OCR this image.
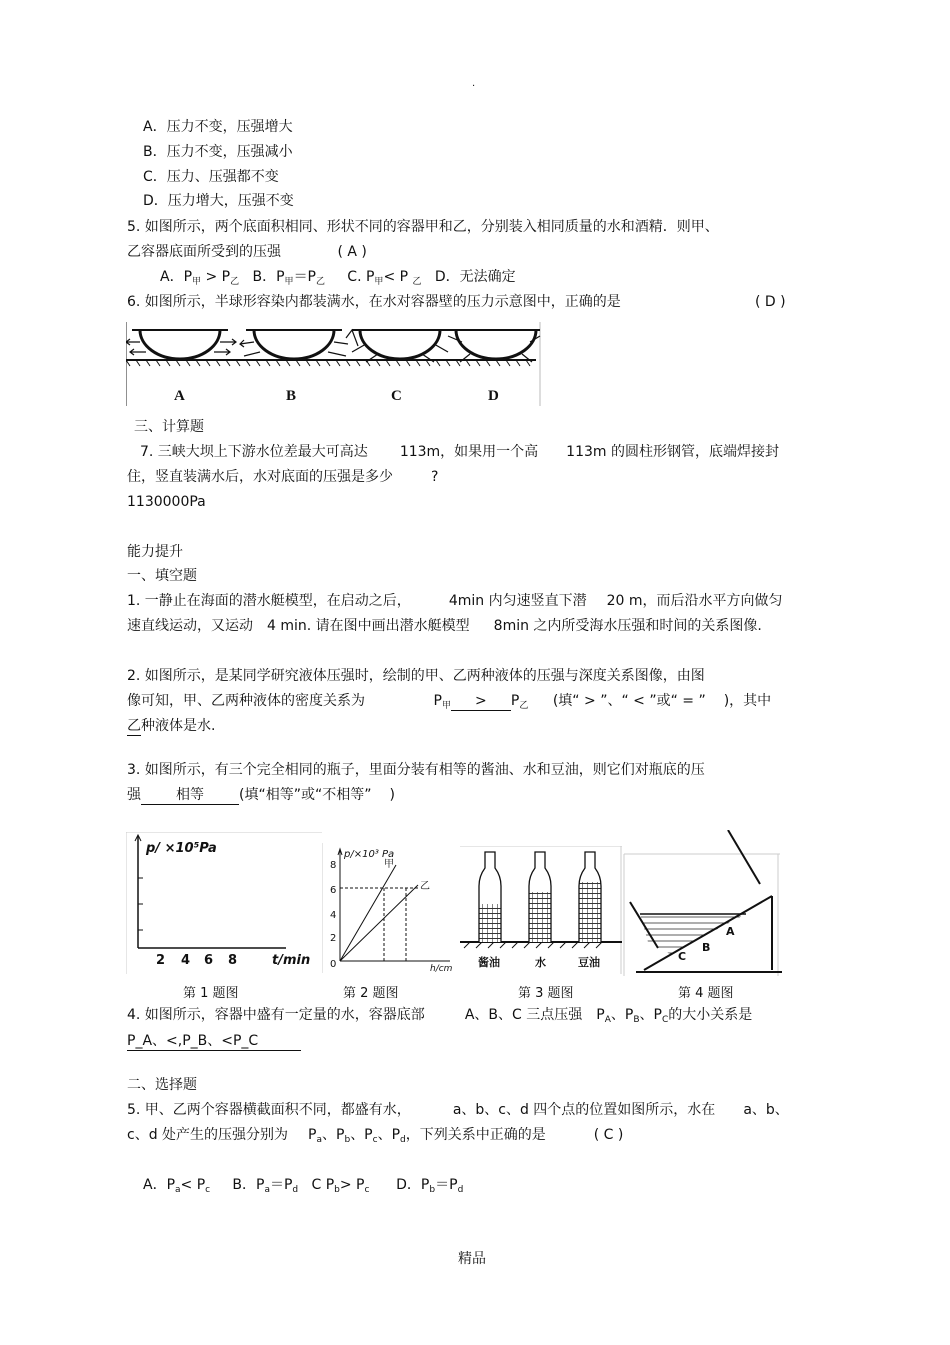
.
A．压力不变，压强增大
B．压力不变，压强减小
C．压力、压强都不变
D．压力增大，压强不变
5. 如图所示，两个底面积相同、形状不同的容器甲和乙，分别装入相同质量的水和酒精．则甲、
乙容器底面所受到的压强	( A )
A．$P_甲 > P_乙$ B．$P_甲=P_乙$ C. $P_甲< P$ $_乙$ D．无法确定
6. 如图所示，半球形容染内都装满水，在水对容器壁的压力示意图中，正确的是	( D )
A	B	C	D
三、计算题
7. 三峡大坝上下游水位差最大可高达 113m，如果用一个高 113m 的圆柱形钢管，底端焊接封
住，竖直装满水后，水对底面的压强是多少	?
1130000Pa
能力提升
一、填空题
1. 一静止在海面的潜水艇模型，在启动之后，	4min 内匀速竖直下潜 20 m，而后沿水平方向做匀
速直线运动，又运动 4 min. 请在图中画出潜水艇模型 8min 之内所受海水压强和时间的关系图像.
2. 如图所示，是某同学研究液体压强时，绘制的甲、乙两种液体的压强与深度关系图像，由图
像可知，甲、乙两种液体的密度关系为	$P_甲 > P_乙$ (填“ > ”、“ < ”或“ = ” )，其中
乙种液体是水.
3. 如图所示，有三个完全相同的瓶子，里面分装有相等的酱油、水和豆油，则它们对瓶底的压
强	相等	(填“相等”或“不相等” )
p/ ×10⁵Pa
2 4 6 8	t/min
p/×10³ Pa
8
6
4
2
0
甲
乙
h/cm 酱油	水	豆油
A
B
C
第 1 题图	第 2 题图	第 3 题图	第 4 题图
4. 如图所示，容器中盛有一定量的水，容器底部	A、B、C 三点压强 $P_A$、$P_B$、$P_C$的大小关系是
P_A、<,P_B、<P_C
二、选择题
5. 甲、乙两个容器横截面积不同，都盛有水，	a、b、c、d 四个点的位置如图所示，水在 a、b、
c、d 处产生的压强分别为 $P_a$、$P_b$、$P_c$、$P_d$，下列关系中正确的是	( C )
A．$P_a< P_c$ B．$P_a=P_d$ C $P_b> P_c$ D．$P_b=P_d$
精品
